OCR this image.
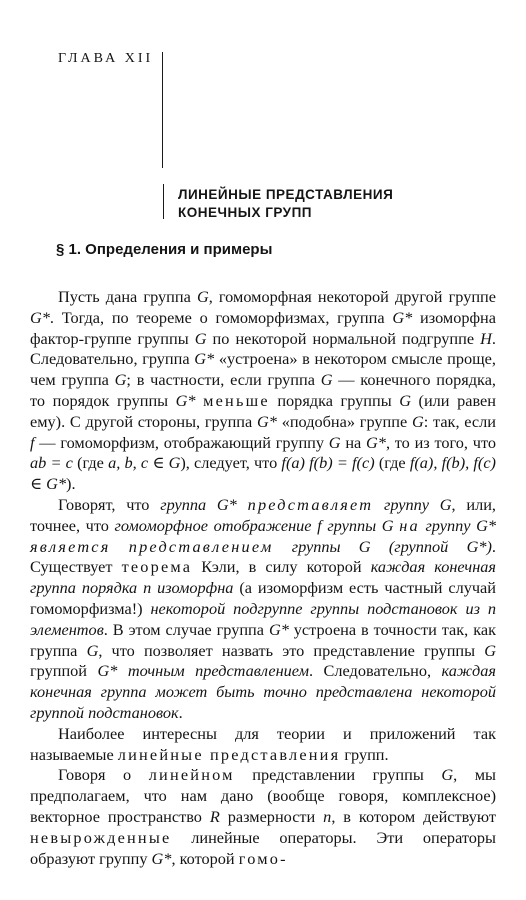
ГЛАВА XII
ЛИНЕЙНЫЕ ПРЕДСТАВЛЕНИЯ
КОНЕЧНЫХ ГРУПП
§ 1. Определения и примеры

Пусть дана группа G, гомоморфная некоторой другой группе G*. Тогда, по теореме о гомоморфизмах, группа G* изоморфна фактор-группе группы G по некоторой нормальной подгруппе H. Следовательно, группа G* «устроена» в некотором смысле проще, чем группа G; в частности, если группа G — конечного порядка, то порядок группы G* меньше порядка группы G (или равен ему). С другой стороны, группа G* «подобна» группе G: так, если f — гомоморфизм, отображающий группу G на G*, то из того, что ab = c (где a, b, c ∈ G), следует, что f(a) f(b) = f(c) (где f(a), f(b), f(c) ∈ G*).

Говорят, что группа G* представляет группу G, или, точнее, что гомоморфное отображение f группы G на группу G* является представлением группы G (группой G*). Существует теорема Кэли, в силу которой каждая конечная группа порядка n изоморфна (а изоморфизм есть частный случай гомоморфизма!) некоторой подгруппе группы подстановок из n элементов. В этом случае группа G* устроена в точности так, как группа G, что позволяет назвать это представление группы G группой G* точным представлением. Следовательно, каждая конечная группа может быть точно представлена некоторой группой подстановок.

Наиболее интересны для теории и приложений так называемые линейные представления групп.

Говоря о линейном представлении группы G, мы предполагаем, что нам дано (вообще говоря, комплексное) векторное пространство R размерности n, в котором действуют невырожденные линейные операторы. Эти операторы образуют группу G*, которой гомо-
